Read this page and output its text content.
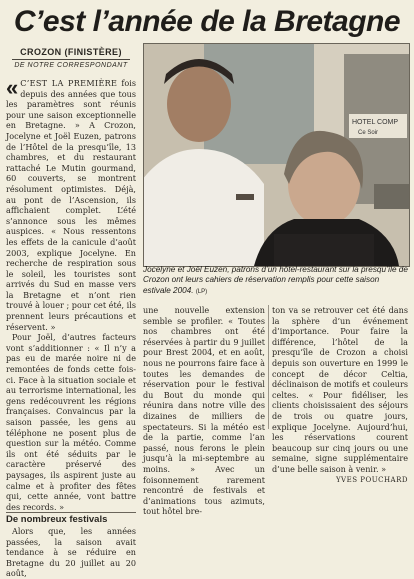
C’est l’année de la Bretagne
CROZON (FINISTÈRE)
DE NOTRE CORRESPONDANT
HOTEL COMP
Ce Soir
Jocelyne et Joël Euzen, patrons d’un hôtel-restaurant sur la presqu’île de Crozon ont leurs cahiers de réservation remplis pour cette saison estivale 2004. (LP)

« C’EST LA PREMIÈRE fois depuis des années que tous les paramètres sont réunis pour une saison exceptionnelle en Bretagne. » A Crozon, Jocelyne et Joël Euzen, patrons de l’Hôtel de la presqu’île, 13 chambres, et du restaurant rattaché Le Mutin gourmand, 60 couverts, se montrent résolument optimistes. Déjà, au pont de l’Ascension, ils affichaient complet. L’été s’annonce sous les mêmes auspices. « Nous ressentons les effets de la canicule d’août 2003, explique Jocelyne. En recherche de respiration sous le soleil, les touristes sont arrivés du Sud en masse vers la Bretagne et n’ont rien trouvé à louer ; pour cet été, ils prennent leurs précautions et réservent. »

Pour Joël, d’autres facteurs vont s’additionner : « Il n’y a pas eu de marée noire ni de remontées de fonds cette fois-ci. Face à la situation sociale et au terrorisme international, les gens redécouvrent les régions françaises. Convaincus par la saison passée, les gens au téléphone ne posent plus de question sur la météo. Comme ils ont été séduits par le caractère préservé des paysages, ils aspirent juste au calme et à profiter des fêtes qui, cette année, vont battre des records. »

De nombreux festivals

Alors que, les années passées, la saison avait tendance à se réduire en Bretagne du 20 juillet au 20 août,

une nouvelle extension semble se profiler. « Toutes nos chambres ont été réservées à partir du 9 juillet pour Brest 2004, et en août, nous ne pourrons faire face à toutes les demandes de réservation pour le festival du Bout du monde qui réunira dans notre ville des dizaines de milliers de spectateurs. Si la météo est de la partie, comme l’an passé, nous ferons le plein jusqu’à la mi-septembre au moins. » Avec un foisonnement rarement rencontré de festivals et d’animations tous azimuts, tout hôtel bre-

ton va se retrouver cet été dans la sphère d’un événement d’importance. Pour faire la différence, l’hôtel de la presqu’île de Crozon a choisi depuis son ouverture en 1999 le concept de décor Celtia, déclinaison de motifs et couleurs celtes. « Pour fidéliser, les clients choisissaient des séjours de trois ou quatre jours, explique Jocelyne. Aujourd’hui, les réservations courent beaucoup sur cinq jours ou une semaine, signe supplémentaire d’une belle saison à venir. »

YVES POUCHARD
